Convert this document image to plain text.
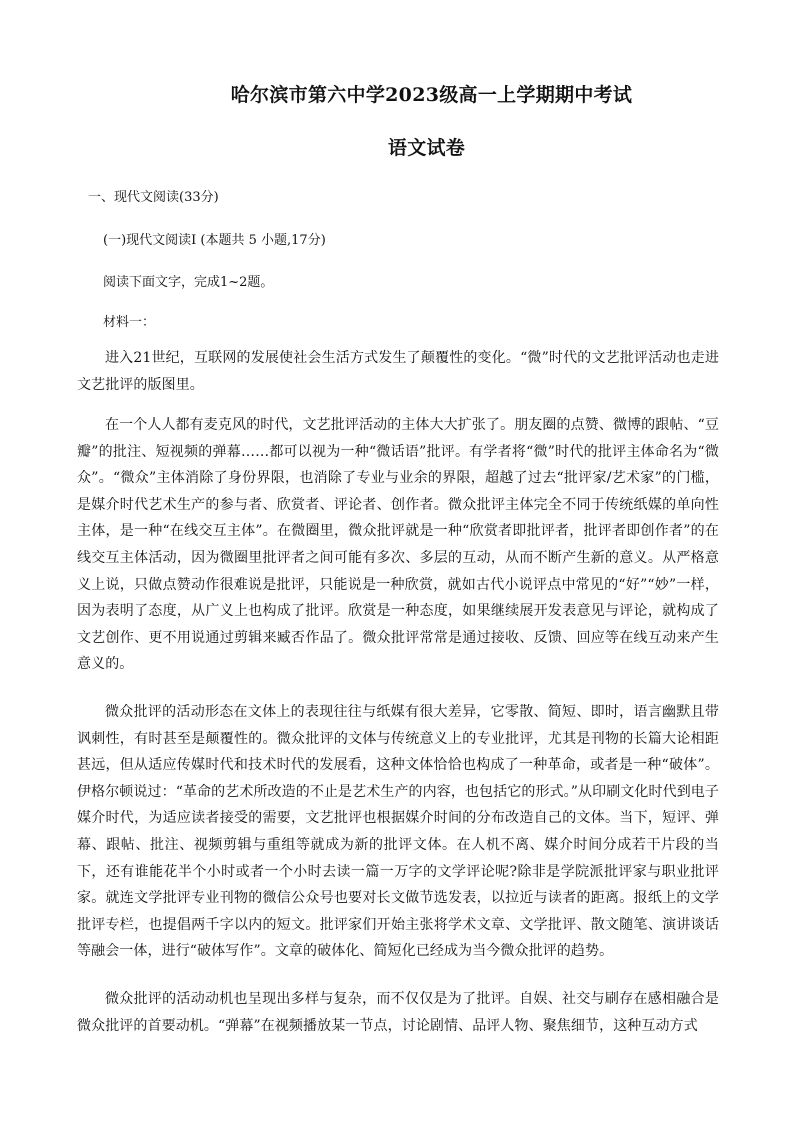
哈尔滨市第六中学2023级高一上学期期中考试
语文试卷
一、现代文阅读(33分)
(一)现代文阅读Ⅰ (本题共 5 小题,17分)
阅读下面文字，完成1~2题。
材料一：
进入21世纪，互联网的发展使社会生活方式发生了颠覆性的变化。“微”时代的文艺批评活动也走进文艺批评的版图里。
在一个人人都有麦克风的时代，文艺批评活动的主体大大扩张了。朋友圈的点赞、微博的跟帖、“豆瓣”的批注、短视频的弹幕……都可以视为一种“微话语”批评。有学者将“微”时代的批评主体命名为“微众”。“微众”主体消除了身份界限，也消除了专业与业余的界限，超越了过去“批评家/艺术家”的门槛，是媒介时代艺术生产的参与者、欣赏者、评论者、创作者。微众批评主体完全不同于传统纸媒的单向性主体，是一种“在线交互主体”。在微圈里，微众批评就是一种“欣赏者即批评者，批评者即创作者”的在线交互主体活动，因为微圈里批评者之间可能有多次、多层的互动，从而不断产生新的意义。从严格意义上说，只做点赞动作很难说是批评，只能说是一种欣赏，就如古代小说评点中常见的“好”“妙”一样，因为表明了态度，从广义上也构成了批评。欣赏是一种态度，如果继续展开发表意见与评论，就构成了文艺创作、更不用说通过剪辑来臧否作品了。微众批评常常是通过接收、反馈、回应等在线互动来产生意义的。
微众批评的活动形态在文体上的表现往往与纸媒有很大差异，它零散、简短、即时，语言幽默且带讽刺性，有时甚至是颠覆性的。微众批评的文体与传统意义上的专业批评，尤其是刊物的长篇大论相距甚远，但从适应传媒时代和技术时代的发展看，这种文体恰恰也构成了一种革命，或者是一种“破体”。伊格尔顿说过：“革命的艺术所改造的不止是艺术生产的内容，也包括它的形式。”从印刷文化时代到电子媒介时代，为适应读者接受的需要，文艺批评也根据媒介时间的分布改造自己的文体。当下，短评、弹幕、跟帖、批注、视频剪辑与重组等就成为新的批评文体。在人机不离、媒介时间分成若干片段的当下，还有谁能花半个小时或者一个小时去读一篇一万字的文学评论呢?除非是学院派批评家与职业批评家。就连文学批评专业刊物的微信公众号也要对长文做节选发表，以拉近与读者的距离。报纸上的文学批评专栏，也提倡两千字以内的短文。批评家们开始主张将学术文章、文学批评、散文随笔、演讲谈话等融会一体，进行“破体写作”。文章的破体化、简短化已经成为当今微众批评的趋势。
微众批评的活动动机也呈现出多样与复杂，而不仅仅是为了批评。自娱、社交与刷存在感相融合是微众批评的首要动机。“弹幕”在视频播放某一节点，讨论剧情、品评人物、聚焦细节，这种互动方式
